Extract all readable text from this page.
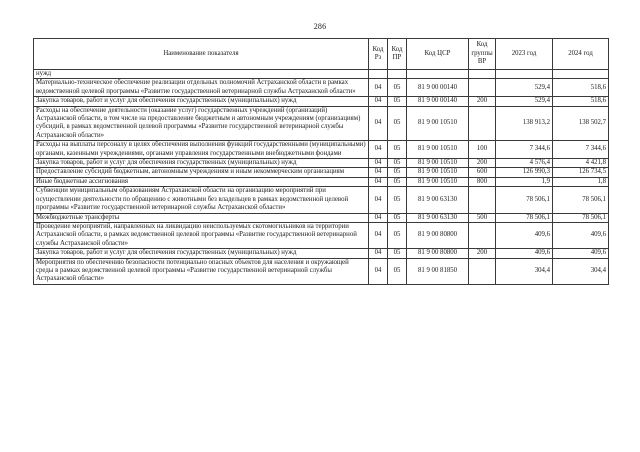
286
Наименование показателя	Код Рз	Код ПР	Код ЦСР	Код группы ВР	2023 год	2024 год
нужд						
Материально-техническое обеспечение реализации отдельных полномочий Астраханской области в рамках ведомственной целевой программы «Развитие государственной ветеринарной службы Астраханской области»	04	05	81 9 00 00140		529,4	518,6
Закупка товаров, работ и услуг для обеспечения государственных (муниципальных) нужд	04	05	81 9 00 00140	200	529,4	518,6
Расходы на обеспечение деятельности (оказание услуг) государственных учреждений (организаций) Астраханской области, в том числе на предоставление бюджетным и автономным учреждениям (организациям) субсидий, в рамках ведомственной целевой программы «Развитие государственной ветеринарной службы Астраханской области»	04	05	81 9 00 10510		138 913,2	138 502,7
Расходы на выплаты персоналу в целях обеспечения выполнения функций государственными (муниципальными) органами, казенными учреждениями, органами управления государственными внебюджетными фондами	04	05	81 9 00 10510	100	7 344,6	7 344,6
Закупка товаров, работ и услуг для обеспечения государственных (муниципальных) нужд	04	05	81 9 00 10510	200	4 576,4	4 421,8
Предоставление субсидий бюджетным, автономным учреждениям и иным некоммерческим организациям	04	05	81 9 00 10510	600	126 990,3	126 734,5
Иные бюджетные ассигнования	04	05	81 9 00 10510	800	1,9	1,8
Субвенции муниципальным образованиям Астраханской области на организацию мероприятий при осуществлении деятельности по обращению с животными без владельцев в рамках ведомственной целевой программы «Развитие государственной ветеринарной службы Астраханской области»	04	05	81 9 00 63130		78 506,1	78 506,1
Межбюджетные трансферты	04	05	81 9 00 63130	500	78 506,1	78 506,1
Проведение мероприятий, направленных на ликвидацию неиспользуемых скотомогильников на территории Астраханской области, в рамках ведомственной целевой программы «Развитие государственной ветеринарной службы Астраханской области»	04	05	81 9 00 80800		409,6	409,6
Закупка товаров, работ и услуг для обеспечения государственных (муниципальных) нужд	04	05	81 9 00 80800	200	409,6	409,6
Мероприятия по обеспечению безопасности потенциально опасных объектов для населения и окружающей среды в рамках ведомственной целевой программы «Развитие государственной ветеринарной службы Астраханской области»	04	05	81 9 00 81850		304,4	304,4
